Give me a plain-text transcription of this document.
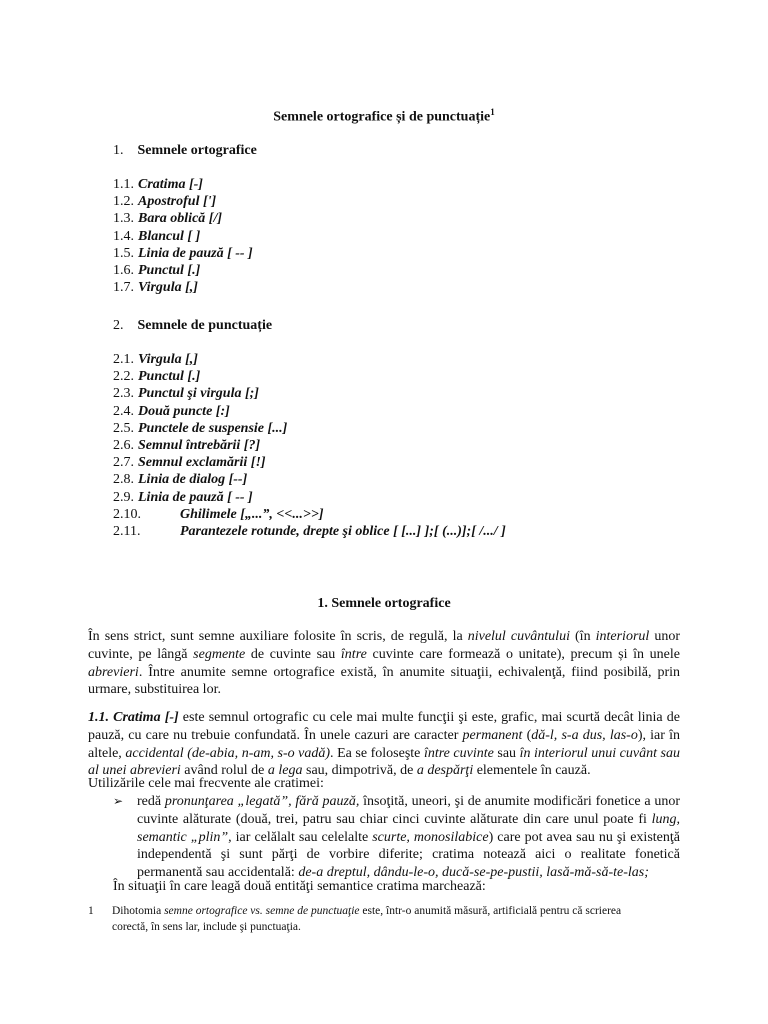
Semnele ortografice și de punctuație$^1$
1. Semnele ortografice
1.1. Cratima [-]
1.2. Apostroful [']
1.3. Bara oblică [/]
1.4. Blancul [ ]
1.5. Linia de pauză [ -- ]
1.6. Punctul [.]
1.7. Virgula [,]
2. Semnele de punctuație
2.1. Virgula [,]
2.2. Punctul [.]
2.3. Punctul şi virgula [;]
2.4. Două puncte [:]
2.5. Punctele de suspensie [...]
2.6. Semnul întrebării [?]
2.7. Semnul exclamării [!]
2.8. Linia de dialog [--]
2.9. Linia de pauză [ -- ]
2.10.	Ghilimele [„...”, <<...>>]
2.11.	Parantezele rotunde, drepte şi oblice [ [...] ];[ (...)];[ /.../ ]
1. Semnele ortografice
În sens strict, sunt semne auxiliare folosite în scris, de regulă, la nivelul cuvântului (în interiorul unor cuvinte, pe lângă segmente de cuvinte sau între cuvinte care formează o unitate), precum și în unele abrevieri. Între anumite semne ortografice există, în anumite situaţii, echivalenţă, fiind posibilă, prin urmare, substituirea lor.
1.1. Cratima [-] este semnul ortografic cu cele mai multe funcţii şi este, grafic, mai scurtă decât linia de pauză, cu care nu trebuie confundată. În unele cazuri are caracter permanent (dă-l, s-a dus, las-o), iar în altele, accidental (de-abia, n-am, s-o vadă). Ea se foloseşte între cuvinte sau în interiorul unui cuvânt sau al unei abrevieri având rolul de a lega sau, dimpotrivă, de a despărţi elementele în cauză.
Utilizările cele mai frecvente ale cratimei:
➢ redă pronunţarea „legată”, fără pauză, însoţită, uneori, şi de anumite modificări fonetice a unor cuvinte alăturate (două, trei, patru sau chiar cinci cuvinte alăturate din care unul poate fi lung, semantic „plin”, iar celălalt sau celelalte scurte, monosilabice) care pot avea sau nu şi existenţă independentă şi sunt părţi de vorbire diferite; cratima notează aici o realitate fonetică permanentă sau accidentală: de-a dreptul, dându-le-o, ducă-se-pe-pustii, lasă-mă-să-te-las;
În situaţii în care leagă două entităţi semantice cratima marchează:
1 Dihotomia semne ortografice vs. semne de punctuaţie este, într-o anumită măsură, artificială pentru că scrierea
corectă, în sens lar, include şi punctuaţia.
